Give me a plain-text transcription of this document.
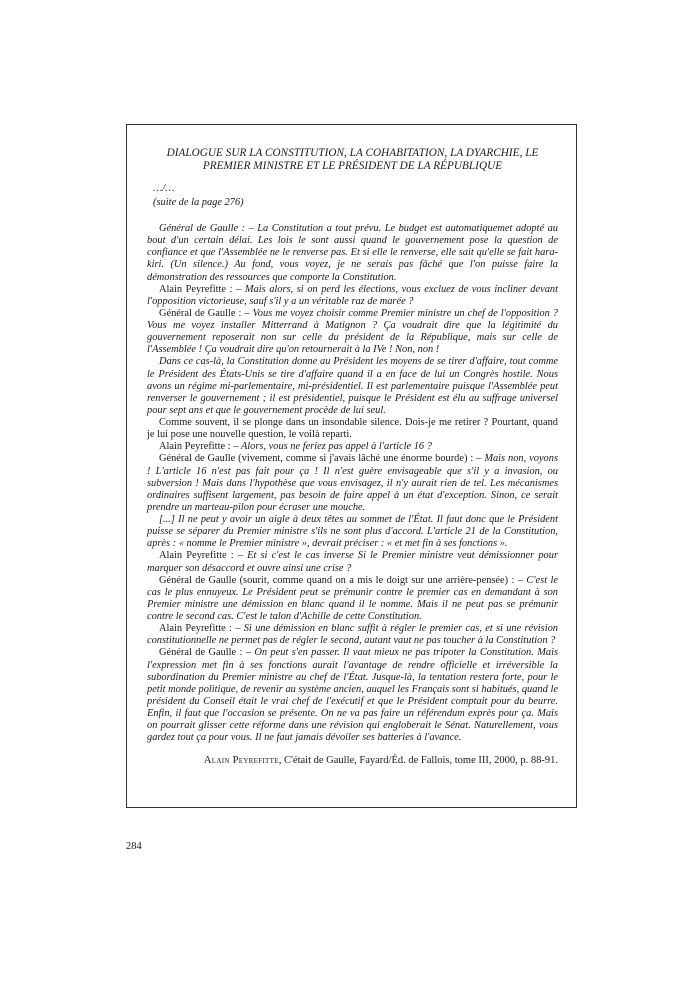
DIALOGUE SUR LA CONSTITUTION, LA COHABITATION, LA DYARCHIE, LE PREMIER MINISTRE ET LE PRÉSIDENT DE LA RÉPUBLIQUE
…/…
(suite de la page 276)

Général de Gaulle : – La Constitution a tout prévu. Le budget est automatiquemet adopté au bout d'un certain délai. Les lois le sont aussi quand le gouvernement pose la question de confiance et que l'Assemblée ne le renverse pas. Et si elle le renverse, elle sait qu'elle se fait hara-kiri. (Un silence.) Au fond, vous voyez, je ne serais pas fâché que l'on puisse faire la démonstration des ressources que comporte la Constitution.

Alain Peyrefitte : – Mais alors, si on perd les élections, vous excluez de vous incliner devant l'opposition victorieuse, sauf s'il y a un véritable raz de marée ?

Général de Gaulle : – Vous me voyez choisir comme Premier ministre un chef de l'opposition ? Vous me voyez installer Mitterrand à Matignon ? Ça voudrait dire que la légitimité du gouvernement reposerait non sur celle du président de la République, mais sur celle de l'Assemblée ! Ça voudrait dire qu'on retournerait à la IVe ! Non, non !

Dans ce cas-là, la Constitution donne au Président les moyens de se tirer d'affaire, tout comme le Président des États-Unis se tire d'affaire quand il a en face de lui un Congrès hostile. Nous avons un régime mi-parlementaire, mi-présidentiel. Il est parlementaire puisque l'Assemblée peut renverser le gouvernement ; il est présidentiel, puisque le Président est élu au suffrage universel pour sept ans et que le gouvernement procède de lui seul.

Comme souvent, il se plonge dans un insondable silence. Dois-je me retirer ? Pourtant, quand je lui pose une nouvelle question, le voilà reparti.

Alain Peyrefitte : – Alors, vous ne feriez pas appel à l'article 16 ?

Général de Gaulle (vivement, comme si j'avais lâché une énorme bourde) : – Mais non, voyons ! L'article 16 n'est pas fait pour ça ! Il n'est guère envisageable que s'il y a invasion, ou subversion ! Mais dans l'hypothèse que vous envisagez, il n'y aurait rien de tel. Les mécanismes ordinaires suffisent largement, pas besoin de faire appel à un état d'exception. Sinon, ce serait prendre un marteau-pilon pour écraser une mouche.

[...] Il ne peut y avoir un aigle à deux têtes au sommet de l'État. Il faut donc que le Président puisse se séparer du Premier ministre s'ils ne sont plus d'accord. L'article 21 de la Constitution, après : « nomme le Premier ministre », devrait préciser : « et met fin à ses fonctions ».

Alain Peyrefitte : – Et si c'est le cas inverse Si le Premier ministre veut démissionner pour marquer son désaccord et ouvre ainsi une crise ?

Général de Gaulle (sourit, comme quand on a mis le doigt sur une arrière-pensée) : – C'est le cas le plus ennuyeux. Le Président peut se prémunir contre le premier cas en demandant à son Premier ministre une démission en blanc quand il le nomme. Mais il ne peut pas se prémunir contre le second cas. C'est le talon d'Achille de cette Constitution.

Alain Peyrefitte : – Si une démission en blanc suffit à régler le premier cas, et si une révision constitutionnelle ne permet pas de régler le second, autant vaut ne pas toucher à la Constitution ?

Général de Gaulle : – On peut s'en passer. Il vaut mieux ne pas tripoter la Constitution. Mais l'expression met fin à ses fonctions aurait l'avantage de rendre officielle et irréversible la subordination du Premier ministre au chef de l'État. Jusque-là, la tentation restera forte, pour le petit monde politique, de revenir au système ancien, auquel les Français sont si habitués, quand le président du Conseil était le vrai chef de l'exécutif et que le Président comptait pour du beurre. Enfin, il faut que l'occasion se présente. On ne va pas faire un référendum exprès pour ça. Mais on pourrait glisser cette réforme dans une révision qui engloberait le Sénat. Naturellement, vous gardez tout ça pour vous. Il ne faut jamais dévoiler ses batteries à l'avance.

Alain Peyrefitte, C'était de Gaulle, Fayard/Éd. de Fallois, tome III, 2000, p. 88-91.
284
